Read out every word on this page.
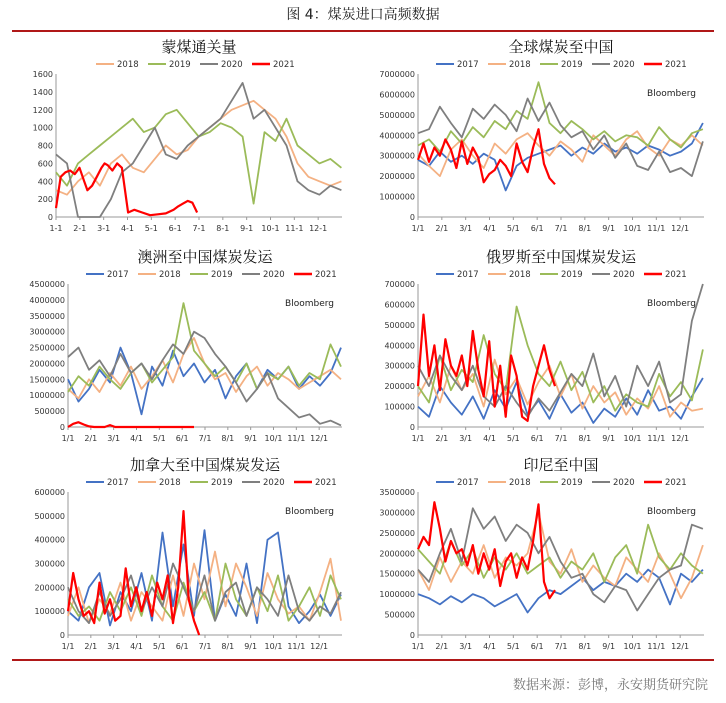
图 4：煤炭进口高频数据
蒙煤通关量
2018	2019	2020	2021
0
200
400
600
800
1000
1200
1400
1600
1-1 2-1 3-1 4-1 5-1 6-1 7-1 8-1 9-1 10-1 11-1 12-1
全球煤炭至中国
2017	2018	2019	2020	2021
Bloomberg
0
1000000
2000000
3000000
4000000
5000000
6000000
7000000
1/1 2/1 3/1 4/1 5/1 6/1 7/1 8/1 9/1 10/1 11/1 12/1
澳洲至中国煤炭发运
2017	2018	2019	2020	2021
Bloomberg
0
500000
1000000
1500000
2000000
2500000
3000000
3500000
4000000
4500000
1/1 2/1 3/1 4/1 5/1 6/1 7/1 8/1 9/1 10/1 11/1 12/1
俄罗斯至中国煤炭发运
2017	2018	2019	2020	2021
Bloomberg
0
100000
200000
300000
400000
500000
600000
700000
1/1 2/1 3/1 4/1 5/1 6/1 7/1 8/1 9/1 10/1 11/1 12/1
加拿大至中国煤炭发运
2017	2018	2019	2020	2021
Bloomberg
0
100000
200000
300000
400000
500000
600000
1/1 2/1 3/1 4/1 5/1 6/1 7/1 8/1 9/1 10/1 11/1 12/1
印尼至中国
2017	2018	2019	2020	2021
Bloomberg
0
500000
1000000
1500000
2000000
2500000
3000000
3500000
1/1 2/1 3/1 4/1 5/1 6/1 7/1 8/1 9/1 10/1 11/1 12/1
数据来源：彭博，永安期货研究院
